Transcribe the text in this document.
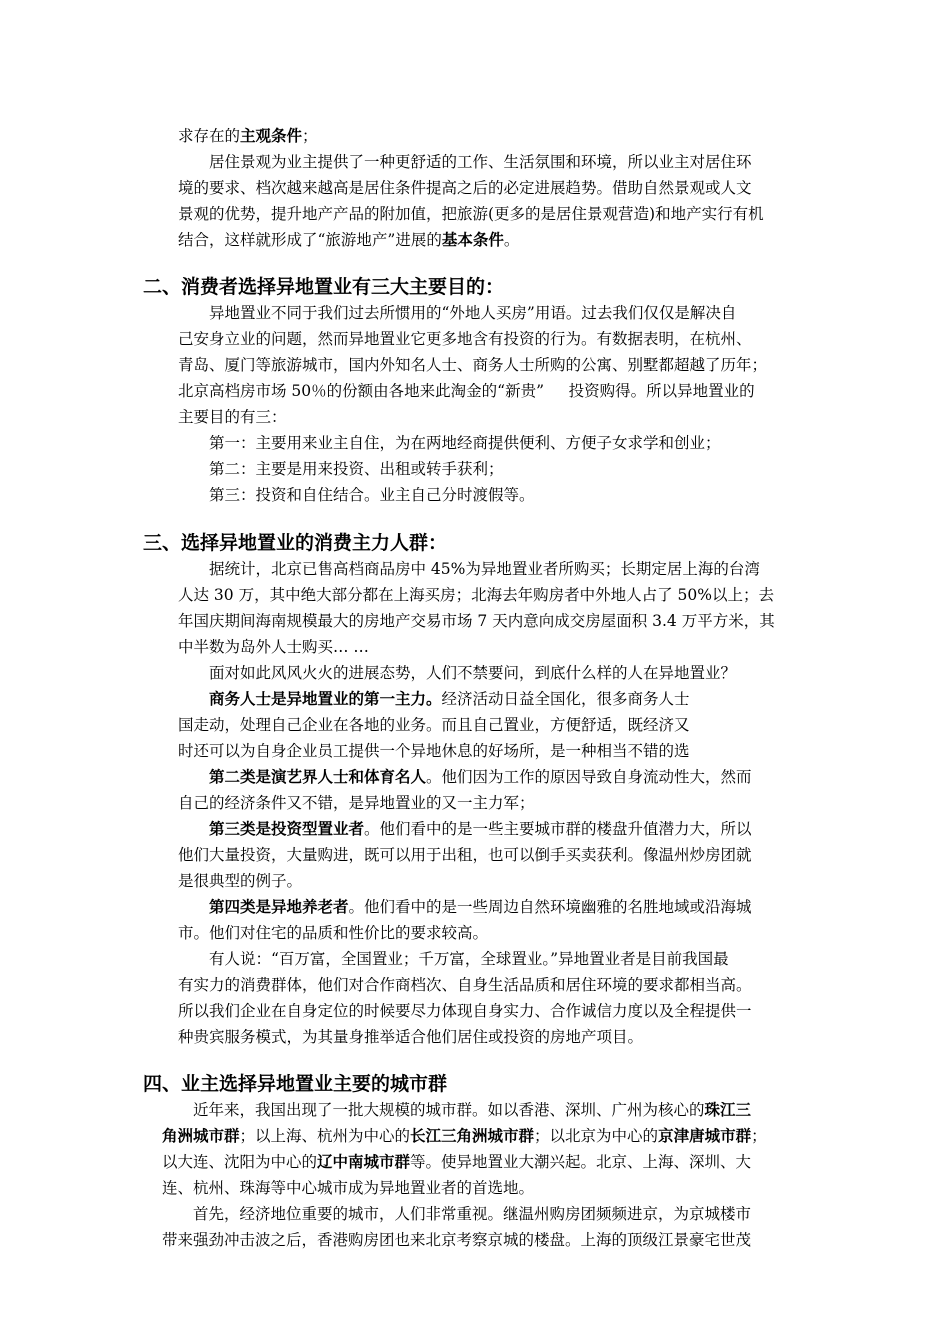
求存在的主观条件；
居住景观为业主提供了一种更舒适的工作、生活氛围和环境，所以业主对居住环
境的要求、档次越来越高是居住条件提高之后的必定进展趋势。借助自然景观或人文
景观的优势，提升地产产品的附加值，把旅游(更多的是居住景观营造)和地产实行有机
结合，这样就形成了“旅游地产”进展的基本条件。
二、消费者选择异地置业有三大主要目的：
异地置业不同于我们过去所惯用的“外地人买房”用语。过去我们仅仅是解决自
己安身立业的问题，然而异地置业它更多地含有投资的行为。有数据表明，在杭州、
青岛、厦门等旅游城市，国内外知名人士、商务人士所购的公寓、别墅都超越了历年；
北京高档房市场 50％的份额由各地来此淘金的“新贵”     投资购得。所以异地置业的
主要目的有三：
第一：主要用来业主自住，为在两地经商提供便利、方便子女求学和创业；
第二：主要是用来投资、出租或转手获利；
第三：投资和自住结合。业主自己分时渡假等。
三、选择异地置业的消费主力人群：
据统计，北京已售高档商品房中 45%为异地置业者所购买；长期定居上海的台湾
人达 30 万，其中绝大部分都在上海买房；北海去年购房者中外地人占了 50%以上；去
年国庆期间海南规模最大的房地产交易市场 7 天内意向成交房屋面积 3.4 万平方米，其
中半数为岛外人士购买… …
面对如此风风火火的进展态势，人们不禁要问，到底什么样的人在异地置业？
商务人士是异地置业的第一主力。经济活动日益全国化，很多商务人士
国走动，处理自己企业在各地的业务。而且自己置业，方便舒适，既经济又
时还可以为自身企业员工提供一个异地休息的好场所，是一种相当不错的选
第二类是演艺界人士和体育名人。他们因为工作的原因导致自身流动性大，然而
自己的经济条件又不错，是异地置业的又一主力军；
第三类是投资型置业者。他们看中的是一些主要城市群的楼盘升值潜力大，所以
他们大量投资，大量购进，既可以用于出租，也可以倒手买卖获利。像温州炒房团就
是很典型的例子。
第四类是异地养老者。他们看中的是一些周边自然环境幽雅的名胜地域或沿海城
市。他们对住宅的品质和性价比的要求较高。
有人说：“百万富，全国置业；千万富，全球置业。”异地置业者是目前我国最
有实力的消费群体，他们对合作商档次、自身生活品质和居住环境的要求都相当高。
所以我们企业在自身定位的时候要尽力体现自身实力、合作诚信力度以及全程提供一
种贵宾服务模式，为其量身推举适合他们居住或投资的房地产项目。
四、业主选择异地置业主要的城市群
近年来，我国出现了一批大规模的城市群。如以香港、深圳、广州为核心的珠江三
角洲城市群；以上海、杭州为中心的长江三角洲城市群；以北京为中心的京津唐城市群；
以大连、沈阳为中心的辽中南城市群等。使异地置业大潮兴起。北京、上海、深圳、大
连、杭州、珠海等中心城市成为异地置业者的首选地。
首先，经济地位重要的城市，人们非常重视。继温州购房团频频进京，为京城楼市
带来强劲冲击波之后，香港购房团也来北京考察京城的楼盘。上海的顶级江景豪宅世茂
